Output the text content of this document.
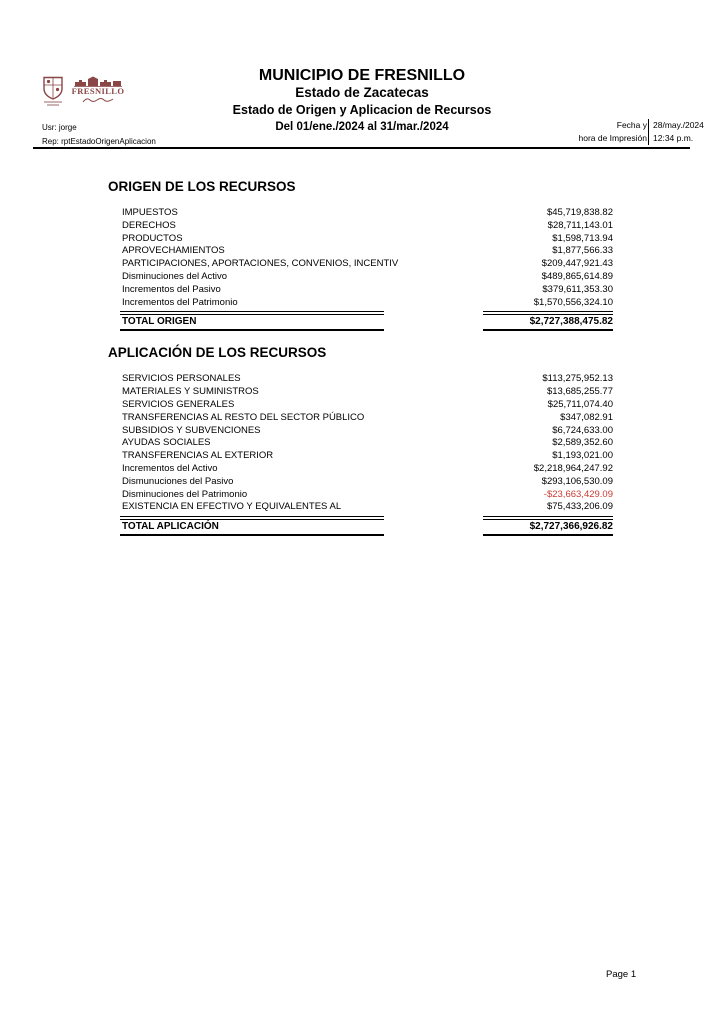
FRESNILLO
MUNICIPIO DE FRESNILLO
Estado de Zacatecas
Estado de Origen y Aplicacion de Recursos
Del 01/ene./2024 al 31/mar./2024
Usr: jorge
Rep: rptEstadoOrigenAplicacion
Fecha y
hora de Impresión
28/may./2024
12:34 p.m.
ORIGEN DE LOS RECURSOS
IMPUESTOS	$45,719,838.82
DERECHOS	$28,711,143.01
PRODUCTOS	$1,598,713.94
APROVECHAMIENTOS	$1,877,566.33
PARTICIPACIONES, APORTACIONES, CONVENIOS, INCENTIV	$209,447,921.43
Disminuciones del Activo	$489,865,614.89
Incrementos del Pasivo	$379,611,353.30
Incrementos del Patrimonio	$1,570,556,324.10
TOTAL ORIGEN	$2,727,388,475.82
APLICACIÓN DE LOS RECURSOS
SERVICIOS PERSONALES	$113,275,952.13
MATERIALES Y SUMINISTROS	$13,685,255.77
SERVICIOS GENERALES	$25,711,074.40
TRANSFERENCIAS AL RESTO DEL SECTOR PÚBLICO	$347,082.91
SUBSIDIOS Y SUBVENCIONES	$6,724,633.00
AYUDAS SOCIALES	$2,589,352.60
TRANSFERENCIAS AL EXTERIOR	$1,193,021.00
Incrementos del Activo	$2,218,964,247.92
Dismunuciones del Pasivo	$293,106,530.09
Disminuciones del Patrimonio	-$23,663,429.09
EXISTENCIA EN EFECTIVO Y EQUIVALENTES AL	$75,433,206.09
TOTAL APLICACIÓN	$2,727,366,926.82
Page 1
